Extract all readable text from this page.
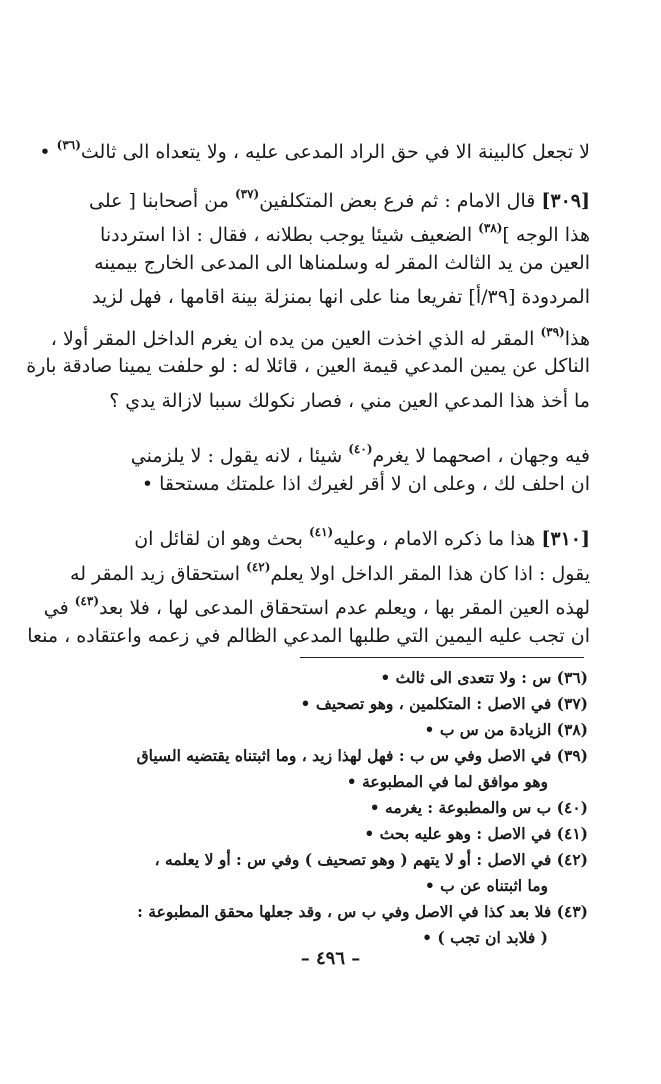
لا تجعل كالبينة الا في حق الراد المدعى عليه ، ولا يتعداه الى ثالث$^{(٣٦)}$ •
[٣٠٩] قال الامام : ثم فرع بعض المتكلفين$^{(٣٧)}$ من أصحابنا [ على
هذا الوجه ]$^{(٣٨)}$ الضعيف شيئا يوجب بطلانه ، فقال : اذا استرددنا
العين من يد الثالث المقر له وسلمناها الى المدعى الخارج بيمينه
المردودة [٣٩/أ] تفريعا منا على انها بمنزلة بينة اقامها ، فهل لزيد
هذا$^{(٣٩)}$ المقر له الذي اخذت العين من يده ان يغرم الداخل المقر أولا ،
الناكل عن يمين المدعي قيمة العين ، قائلا له : لو حلفت يمينا صادقة بارة
ما أخذ هذا المدعي العين مني ، فصار نكولك سببا لازالة يدي ؟
فيه وجهان ، اصحهما لا يغرم$^{(٤٠)}$ شيئا ، لانه يقول : لا يلزمني
ان احلف لك ، وعلى ان لا أقر لغيرك اذا علمتك مستحقا •
[٣١٠] هذا ما ذكره الامام ، وعليه$^{(٤١)}$ بحث وهو ان لقائل ان
يقول : اذا كان هذا المقر الداخل اولا يعلم$^{(٤٢)}$ استحقاق زيد المقر له
لهذه العين المقر بها ، ويعلم عدم استحقاق المدعى لها ، فلا بعد$^{(٤٣)}$ في
ان تجب عليه اليمين التي طلبها المدعي الظالم في زعمه واعتقاده ، منعا
(٣٦) س : ولا تتعدى الى ثالث •
(٣٧) في الاصل : المتكلمين ، وهو تصحيف •
(٣٨) الزيادة من س ب •
(٣٩) في الاصل وفي س ب : فهل لهذا زيد ، وما اثبتناه يقتضيه السياق
وهو موافق لما في المطبوعة •
(٤٠) ب س والمطبوعة : يغرمه •
(٤١) في الاصل : وهو عليه بحث •
(٤٢) في الاصل : أو لا يتهم ( وهو تصحيف ) وفي س : أو لا يعلمه ،
وما اثبتناه عن ب •
(٤٣) فلا بعد كذا في الاصل وفي ب س ، وقد جعلها محقق المطبوعة :
( فلابد ان تجب ) •
– ٤٩٦ –
